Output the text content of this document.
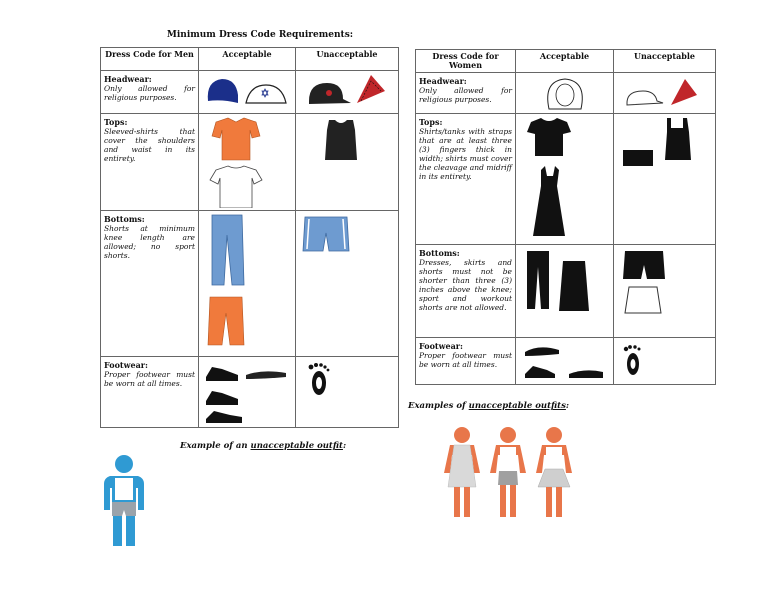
Minimum Dress Code Requirements:
Dress Code for Men	Acceptable	Unacceptable

Headwear:
Only allowed for religious purposes.

Tops:
Sleeved-shirts that cover the shoulders and waist in its entirety.

Bottoms:
Shorts at minimum knee length are allowed; no sport shorts.

Footwear:
Proper footwear must be worn at all times.

Dress Code for Women	Acceptable	Unacceptable

Headwear:
Only allowed for religious purposes.

Tops:
Shirts/tanks with straps that are at least three (3) fingers thick in width; shirts must cover the cleavage and midriff in its entirety.

Bottoms:
Dresses, skirts and shorts must not be shorter than three (3) inches above the knee; sport and workout shorts are not allowed.

Footwear:
Proper footwear must be worn at all times.

Example of an unacceptable outfit:
Examples of unacceptable outfits:
